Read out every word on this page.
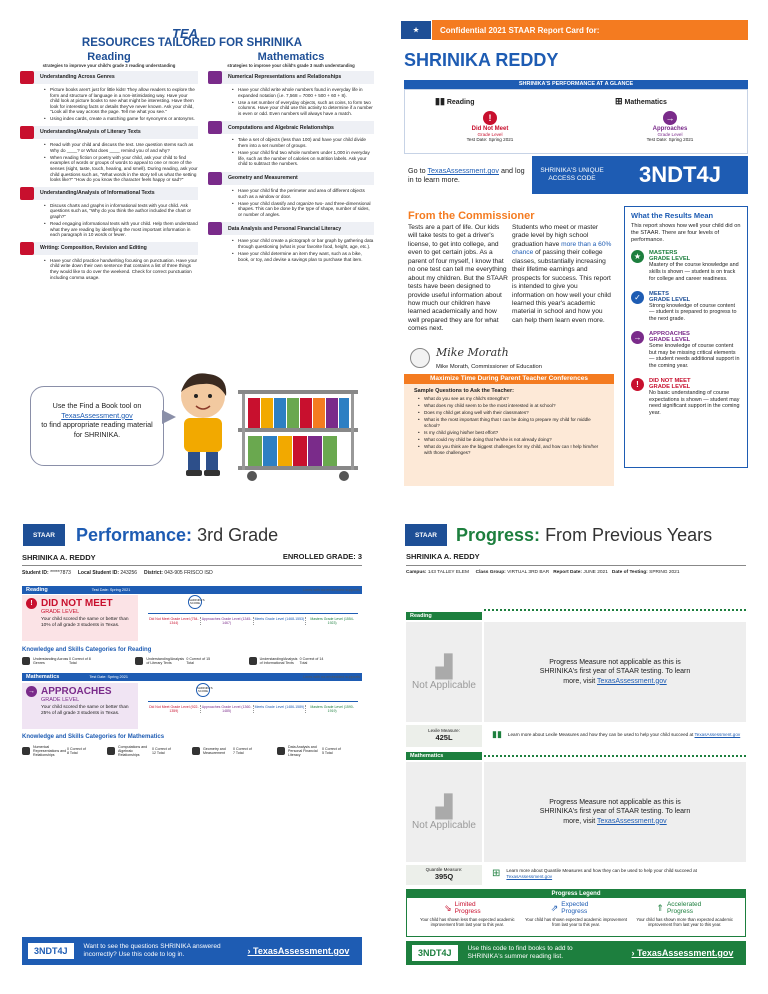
TEA
RESOURCES TAILORED FOR SHRINIKA
Reading
strategies to improve your child's grade 3 reading understanding
Understanding Across Genres
• Picture books aren't just for little kids! They allow readers to explore the form and structure of language in a non-intimidating way. Have your child look at picture books to see what might be interesting. Have them look for interesting facts or details they've never known. Ask your child, "Look all the way across the page. Tell me what you see."
• Using index cards, create a matching game for synonyms or antonyms.
Understanding/Analysis of Literary Texts
• Read with your child and discuss the text. Use question stems such as Why do ____? or What does ____ remind you of and why?
• When reading fiction or poetry with your child, ask your child to find examples of words or groups of words to appeal to one or more of the senses (sight, taste, touch, hearing, and smell). During reading, ask your child questions such as, "What words in the story tell us what the setting looks like?" "How do you know the character feels happy or sad?"
Understanding/Analysis of Informational Texts
• Discuss charts and graphs in informational texts with your child. Ask questions such as, "Why do you think the author included the chart or graph?"
• Read engaging informational texts with your child. Help them understand what they are reading by identifying the most important information in each paragraph in 10 words or fewer.
Writing: Composition, Revision and Editing
• Have your child practice handwriting focusing on punctuation. Have your child write down their own sentence that contains a list of three things they would like to do over the weekend. Check for correct punctuation including comma usage.
Mathematics
strategies to improve your child's grade 3 math understanding
Numerical Representations and Relationships
• Have your child write whole numbers found in everyday life in expanded notation (i.e. 7,568 = 7000 + 500 + 60 + 8).
• Use a set number of everyday objects, such as coins, to form two columns. Have your child use this activity to determine if a number is even or odd. Even numbers will always have a match.
Computations and Algebraic Relationships
• Take a set of objects (less than 100) and have your child divide them into a set number of groups.
• Have your child find two whole numbers under 1,000 in everyday life, such as the number of calories on nutrition labels. Ask your child to subtract the numbers.
Geometry and Measurement
• Have your child find the perimeter and area of different objects such as a window or door.
• Have your child classify and organize two- and three-dimensional shapes. This can be done by the type of shape, number of sides, or number of angles.
Data Analysis and Personal Financial Literacy
• Have your child create a pictograph or bar graph by gathering data through questioning (what is your favorite food, height, age, etc.).
• Have your child determine an item they want, such as a bike, book, or toy, and devise a savings plan to purchase that item.
Use the Find a Book tool on
TexasAssessment.gov
to find appropriate reading material for SHRINIKA.
★	Confidential 2021 STAAR Report Card for:
SHRINIKA REDDY
SHRINIKA'S PERFORMANCE AT A GLANCE
▮▮ Reading
!
Did Not Meet
Grade Level
Test Date: Spring 2021
⊞ Mathematics
→
Approaches
Grade Level
Test Date: Spring 2021
Go to TexasAssessment.gov and log in to learn more.
SHRINIKA'S UNIQUE ACCESS CODE	3NDT4J
From the Commissioner
Tests are a part of life. Our kids will take tests to get a driver's license, to get into college, and even to get certain jobs. As a parent of four myself, I know that no one test can tell me everything about my children. But the STAAR tests have been designed to provide useful information about how much our children have learned academically and how well prepared they are for what comes next.
Students who meet or master grade level by high school graduation have more than a 60% chance of passing their college classes, substantially increasing their lifetime earnings and prospects for success. This report is intended to give you information on how well your child learned this year's academic material in school and how you can help them learn even more.
Mike Morath
Mike Morath, Commissioner of Education
Maximize Time During Parent Teacher Conferences
Sample Questions to Ask the Teacher:
• What do you see as my child's strengths?
• What does my child seem to be the most interested in at school?
• Does my child get along well with their classmates?
• What is the most important thing that I can be doing to prepare my child for middle school?
• Is my child giving his/her best effort?
• What could my child be doing that he/she is not already doing?
• What do you think are the biggest challenges for my child, and how can I help him/her with those challenges?
What the Results Mean
This report shows how well your child did on the STAAR. There are four levels of performance.
★	MASTERS
GRADE LEVEL
Mastery of the course knowledge and skills is shown — student is on track for college and career readiness.
✓	MEETS
GRADE LEVEL
Strong knowledge of course content — student is prepared to progress to the next grade.
→	APPROACHES
GRADE LEVEL
Some knowledge of course content but may be missing critical elements — student needs additional support in the coming year.
!	DID NOT MEET
GRADE LEVEL
No basic understanding of course expectations is shown — student may need significant support in the coming year.
STAAR	Performance: 3rd Grade
SHRINIKA A. REDDY	ENROLLED GRADE: 3
Student ID: *****7873 Local Student ID: 243256 District: 043-905 FRISCO ISD
Reading	Test Date: Spring 2021	Lines with no embedded supports
! DID NOT MEET
GRADE LEVEL
Your child scored the same or better than 10% of all grade 3 students in Texas.
SHRINIKA'S SCORE
Did Not Meet Grade Level (754-1344)
Approaches Grade Level (1345-1467)
Meets Grade Level (1468-1553)	Masters Grade Level (1554-1923)
Knowledge and Skills Categories for Reading
Understanding Across Genres
0 Correct of 8 Total
Understanding/Analysis of Literary Texts
0 Correct of 15 Total
Understanding/Analysis of Informational Texts
0 Correct of 14 Total
Mathematics	Test Date: Spring 2021	Lines with no embedded supports
→ APPROACHES
GRADE LEVEL
Your child scored the same or better than 25% of all grade 3 students in Texas.
SHRINIKA'S SCORE
Did Not Meet Grade Level (922-1359)
Approaches Grade Level (1360-1485)
Meets Grade Level (1486-1589)	Masters Grade Level (1590-1919)
Knowledge and Skills Categories for Mathematics
Numerical Representations and Relationships
0 Correct of 8 Total
Computations and Algebraic Relationships
0 Correct of 12 Total
Geometry and Measurement
0 Correct of 7 Total
Data Analysis and Personal Financial Literacy
0 Correct of 5 Total
3NDT4J	Want to see the questions SHRINIKA answered incorrectly? Use this code to log in.	› TexasAssessment.gov
STAAR	Progress: From Previous Years
SHRINIKA A. REDDY
Campus: 143 TALLEY ELEM Class Group: VIRTUAL 3RD BAR Report Date: JUNE 2021 Date of Testing: SPRING 2021
Reading
▟
Not Applicable
Progress Measure not applicable as this is SHRINIKA's first year of STAAR testing. To learn more, visit TexasAssessment.gov
Lexile Measure:
425L	▮▮ Learn more about Lexile Measures and how they can be used to help your child succeed at TexasAssessment.gov
Mathematics
▟
Not Applicable
Progress Measure not applicable as this is SHRINIKA's first year of STAAR testing. To learn more, visit TexasAssessment.gov
Quantile Measure:
395Q	⊞ Learn more about Quantile Measures and how they can be used to help your child succeed at TexasAssessment.gov
Progress Legend
⇘ Limited Progress
Your child has shown less than expected academic improvement from last year to this year.
⇗ Expected Progress
Your child has shown expected academic improvement from last year to this year.
⇑ Accelerated Progress
Your child has shown more than expected academic improvement from last year to this year.
3NDT4J	Use this code to find books to add to SHRINIKA's summer reading list.	› TexasAssessment.gov
